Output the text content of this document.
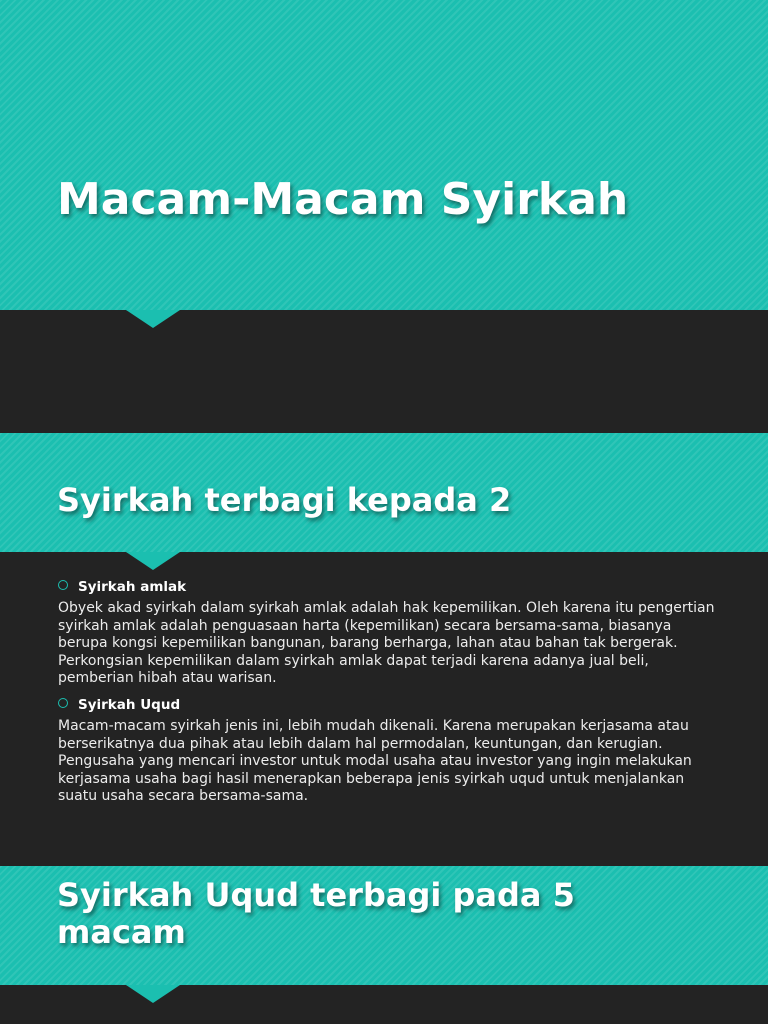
Macam-Macam Syirkah
Syirkah terbagi kepada 2
Syirkah amlak

Obyek akad syirkah dalam syirkah amlak adalah hak kepemilikan. Oleh karena itu pengertian syirkah amlak adalah penguasaan harta (kepemilikan) secara bersama-sama, biasanya berupa kongsi kepemilikan bangunan, barang berharga, lahan atau bahan tak bergerak. Perkongsian kepemilikan dalam syirkah amlak dapat terjadi karena adanya jual beli, pemberian hibah atau warisan.

Syirkah Uqud

Macam-macam syirkah jenis ini, lebih mudah dikenali. Karena merupakan kerjasama atau berserikatnya dua pihak atau lebih dalam hal permodalan, keuntungan, dan kerugian. Pengusaha yang mencari investor untuk modal usaha atau investor yang ingin melakukan kerjasama usaha bagi hasil menerapkan beberapa jenis syirkah uqud untuk menjalankan suatu usaha secara bersama-sama.

Syirkah Uqud terbagi pada 5 macam
